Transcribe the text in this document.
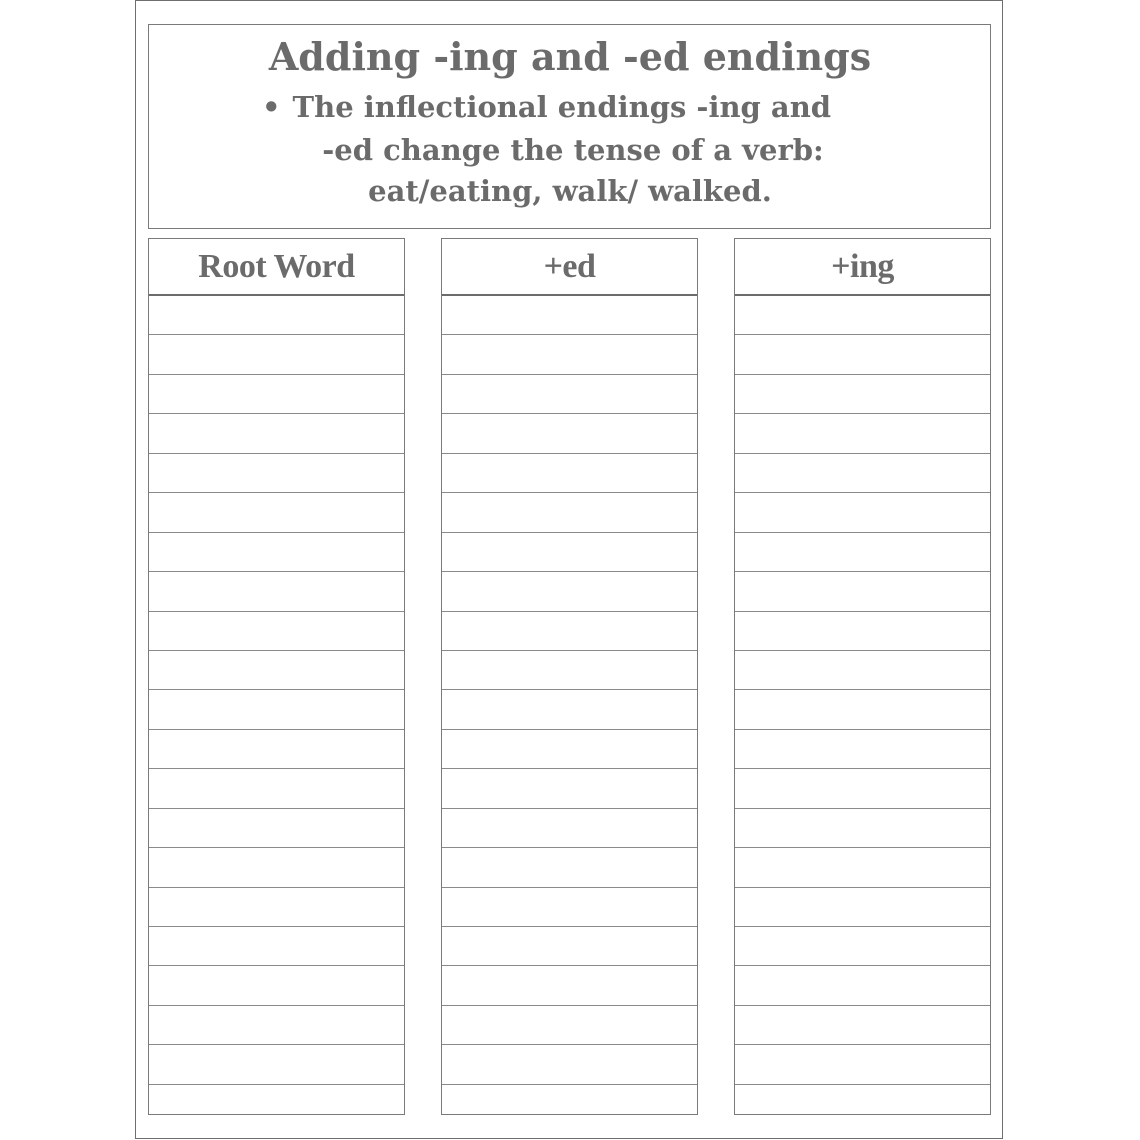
Adding -ing and -ed endings
• The inflectional endings -ing and
-ed change the tense of a verb:
eat/eating, walk/ walked.
Root Word	+ed	+ing
